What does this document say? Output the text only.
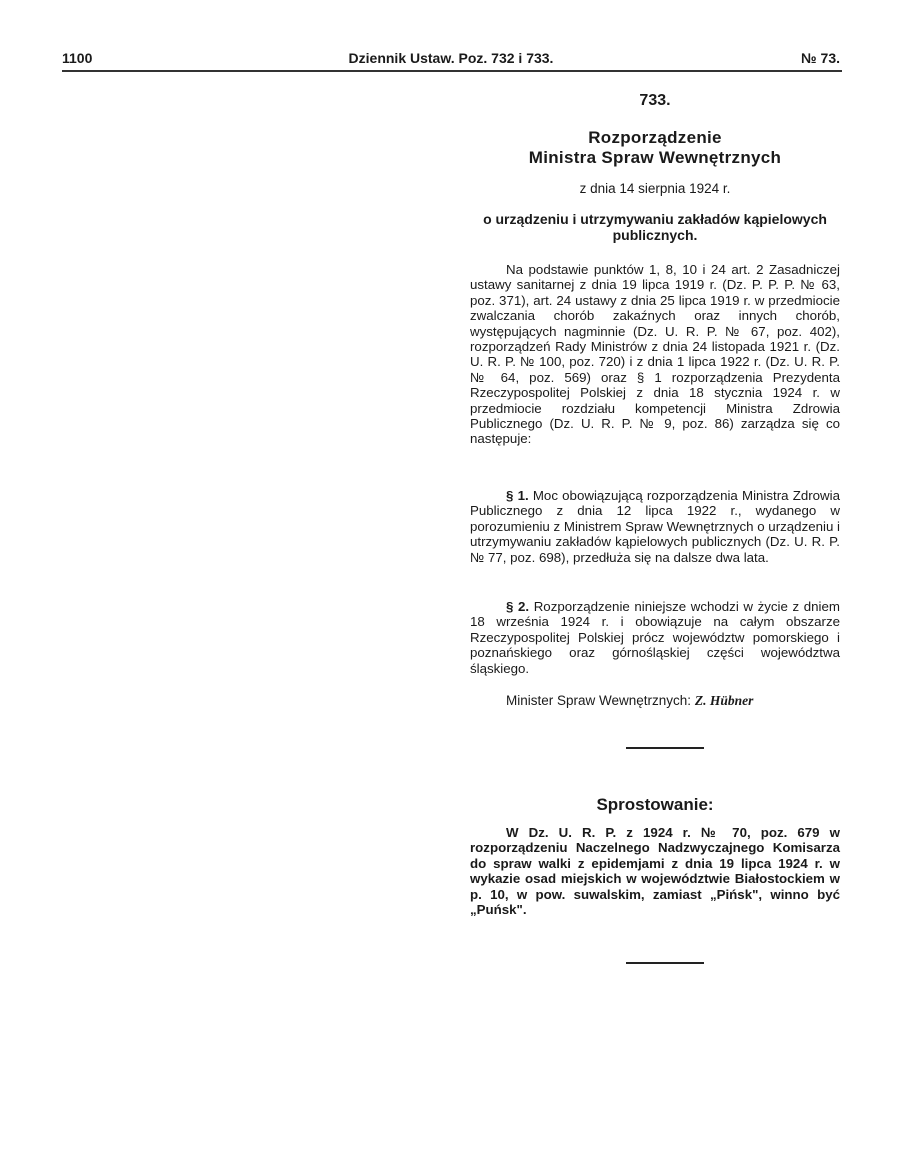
1100	Dziennik Ustaw. Poz. 732 i 733.	№ 73.
733.
Rozporządzenie
Ministra Spraw Wewnętrznych
z dnia 14 sierpnia 1924 r.
o urządzeniu i utrzymywaniu zakładów kąpielowych publicznych.

Na podstawie punktów 1, 8, 10 i 24 art. 2 Zasadniczej ustawy sanitarnej z dnia 19 lipca 1919 r. (Dz. P. P. P. № 63, poz. 371), art. 24 ustawy z dnia 25 lipca 1919 r. w przedmiocie zwalczania chorób zakaźnych oraz innych chorób, występujących nagminnie (Dz. U. R. P. № 67, poz. 402), rozporządzeń Rady Ministrów z dnia 24 listopada 1921 r. (Dz. U. R. P. № 100, poz. 720) i z dnia 1 lipca 1922 r. (Dz. U. R. P. № 64, poz. 569) oraz § 1 rozporządzenia Prezydenta Rzeczypospolitej Polskiej z dnia 18 stycznia 1924 r. w przedmiocie rozdziału kompetencji Ministra Zdrowia Publicznego (Dz. U. R. P. № 9, poz. 86) zarządza się co następuje:

§ 1. Moc obowiązującą rozporządzenia Ministra Zdrowia Publicznego z dnia 12 lipca 1922 r., wydanego w porozumieniu z Ministrem Spraw Wewnętrznych o urządzeniu i utrzymywaniu zakładów kąpielowych publicznych (Dz. U. R. P. № 77, poz. 698), przedłuża się na dalsze dwa lata.

§ 2. Rozporządzenie niniejsze wchodzi w życie z dniem 18 września 1924 r. i obowiązuje na całym obszarze Rzeczypospolitej Polskiej prócz województw pomorskiego i poznańskiego oraz górnośląskiej części województwa śląskiego.

Minister Spraw Wewnętrznych: Z. Hübner
Sprostowanie:

W Dz. U. R. P. z 1924 r. № 70, poz. 679 w rozporządzeniu Naczelnego Nadzwyczajnego Komisarza do spraw walki z epidemjami z dnia 19 lipca 1924 r. w wykazie osad miejskich w województwie Białostockiem w p. 10, w pow. suwalskim, zamiast „Pińsk", winno być „Puńsk".
